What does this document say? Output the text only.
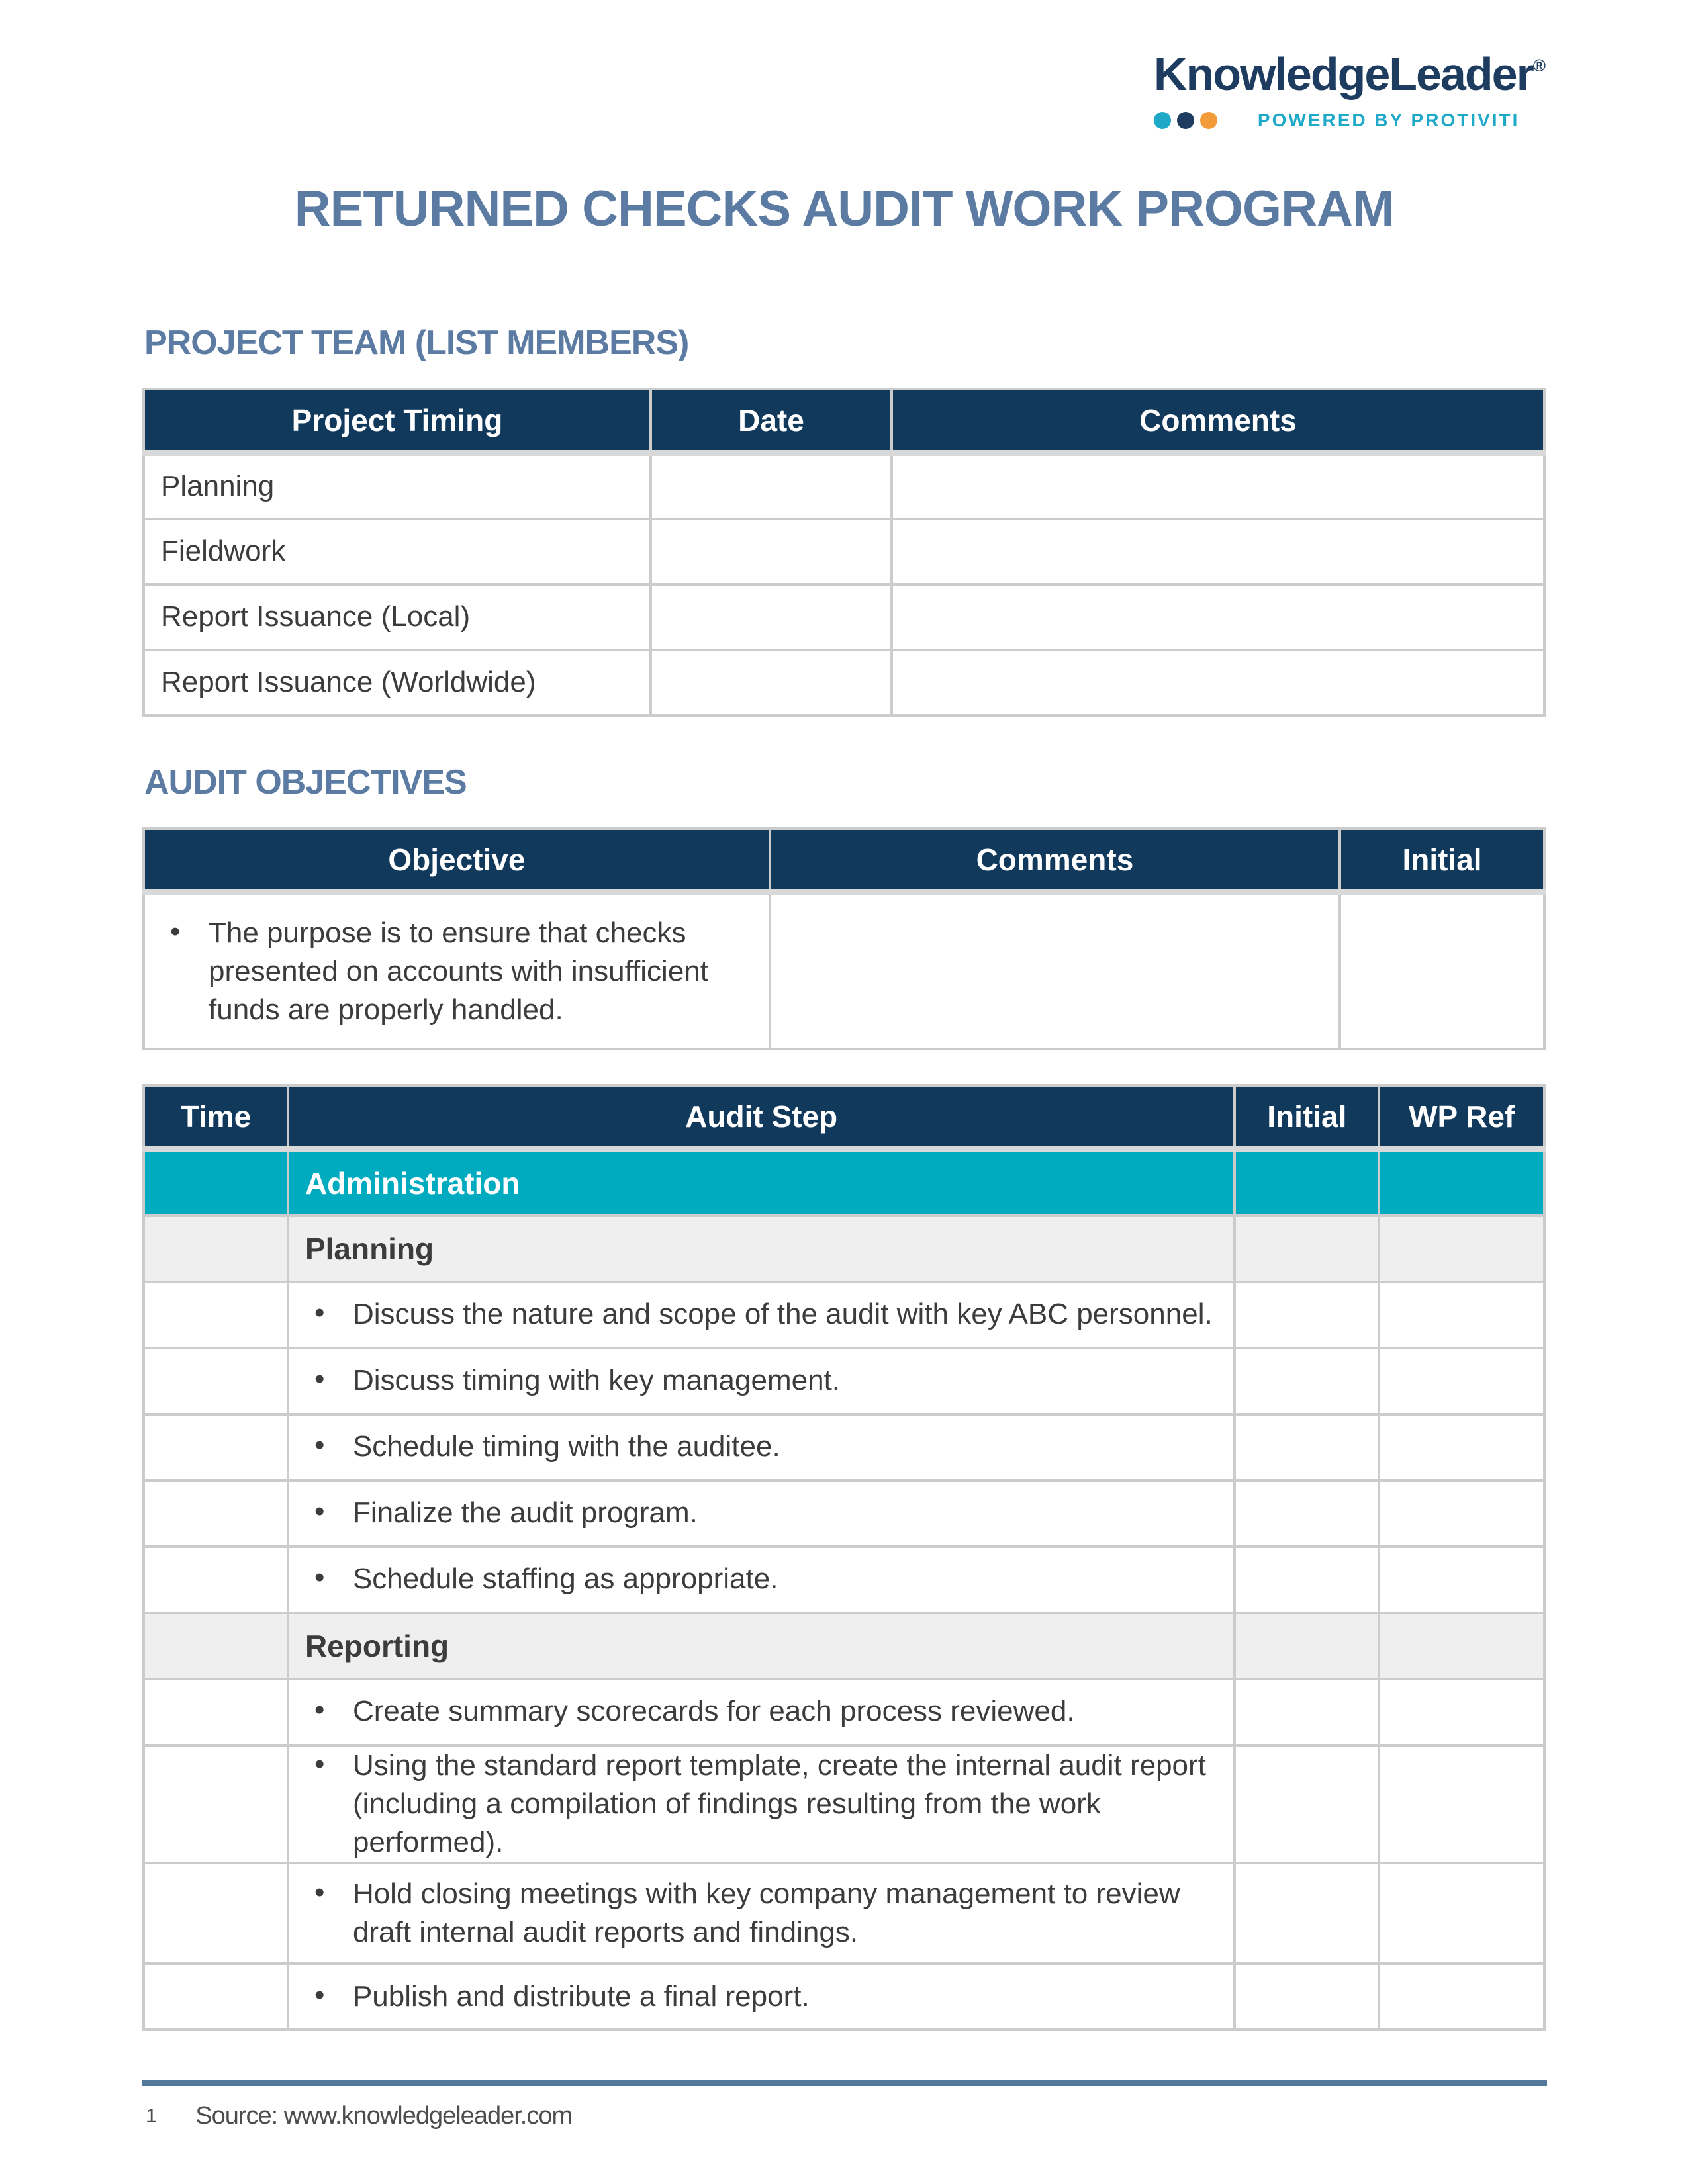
KnowledgeLeader®
POWERED BY PROTIVITI
RETURNED CHECKS AUDIT WORK PROGRAM
PROJECT TEAM (LIST MEMBERS)
Project Timing	Date	Comments
Planning		
Fieldwork		
Report Issuance (Local)		
Report Issuance (Worldwide)		
AUDIT OBJECTIVES
Objective	Comments	Initial

• The purpose is to ensure that checks presented on accounts with insufficient funds are properly handled.

Time	Audit Step	Initial	WP Ref
	Administration		
	Planning		

	• Discuss the nature and scope of the audit with key ABC personnel.

	• Discuss timing with key management.

	• Schedule timing with the auditee.

	• Finalize the audit program.

	• Schedule staffing as appropriate.

	Reporting		

	• Create summary scorecards for each process reviewed.

	• Using the standard report template, create the internal audit report (including a compilation of findings resulting from the work performed).

	• Hold closing meetings with key company management to review draft internal audit reports and findings.

	• Publish and distribute a final report.

1 Source: www.knowledgeleader.com
